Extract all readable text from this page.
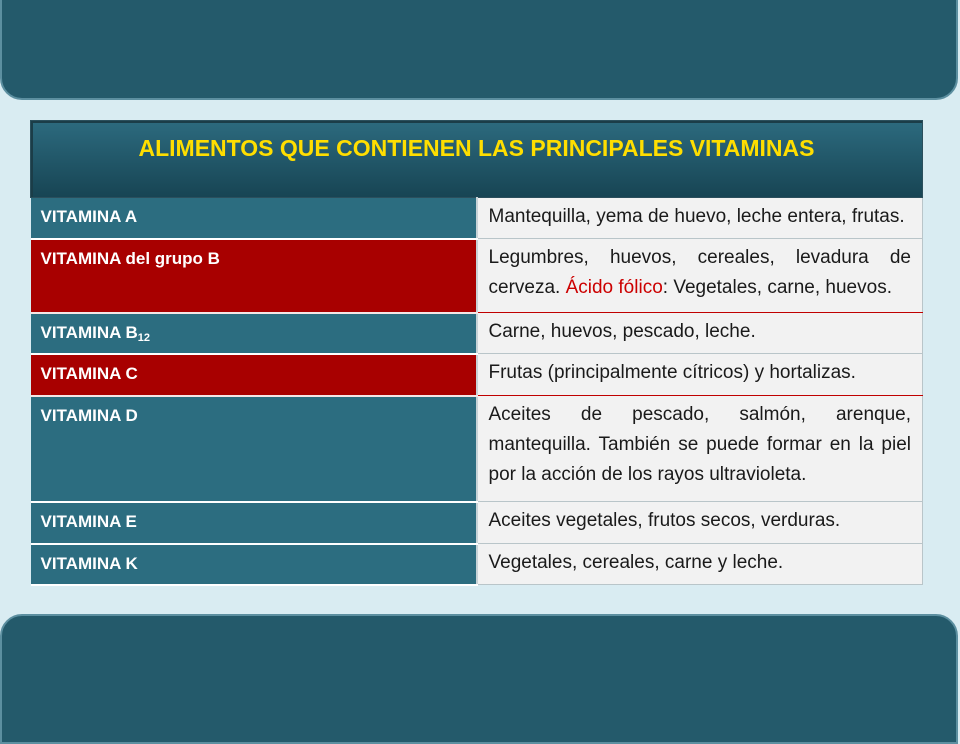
ALIMENTOS QUE CONTIENEN LAS PRINCIPALES VITAMINAS	
VITAMINA A	Mantequilla, yema de huevo, leche entera, frutas.
VITAMINA del grupo B	Legumbres, huevos, cereales, levadura de cerveza. Ácido fólico: Vegetales, carne, huevos.
VITAMINA $B_{12}$	Carne, huevos, pescado, leche.
VITAMINA C	Frutas (principalmente cítricos) y hortalizas.
VITAMINA D	Aceites de pescado, salmón, arenque, mantequilla. También se puede formar en la piel por la acción de los rayos ultravioleta.
VITAMINA E	Aceites vegetales, frutos secos, verduras.
VITAMINA K	Vegetales, cereales, carne y leche.
